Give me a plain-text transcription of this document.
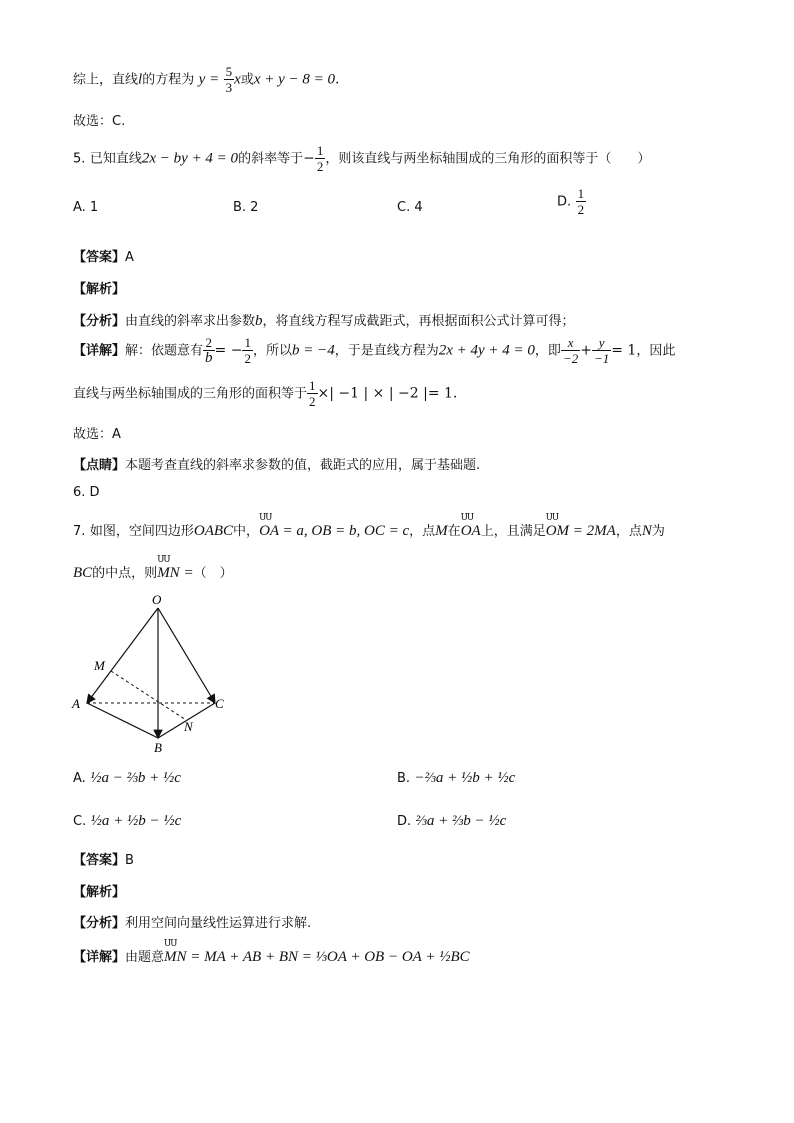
综上，直线l的方程为 $y = \frac{5}{3}$ x或x + y − 8 = 0.
故选：C.
5. 已知直线2x − by + 4 = 0的斜率等于− $\frac{1}{2}$ ，则该直线与两坐标轴围成的三角形的面积等于（　　）
A. 1	B. 2	C. 4	D. $\frac{1}{2}$
【答案】A
【解析】
【分析】由直线的斜率求出参数b，将直线方程写成截距式，再根据面积公式计算可得；
【详解】解：依题意有 $\frac{2}{b}$ = − $\frac{1}{2}$ ，所以b = −4，于是直线方程为2x + 4y + 4 = 0，即 $\frac{x}{-2} + \frac{y}{-1} = 1$，因此
直线与两坐标轴围成的三角形的面积等于 $\frac{1}{2}$ ×| −1 | × | −2 |= 1.
故选：A
【点睛】本题考查直线的斜率求参数的值，截距式的应用，属于基础题.
6. D
7. 如图，空间四边形OABC中，ՍՍ OA = a, OB = b, OC = c，点M在ՍՍ OA上，且满足ՍՍ OM = 2MA，点N为
BC的中点，则ՍՍ MN =（　）
O
M
A	C
N
B
A. ½a − ⅔b + ½c	B. −⅔a + ½b + ½c
C. ½a + ½b − ½c	D. ⅔a + ⅔b − ½c
【答案】B
【解析】
【分析】利用空间向量线性运算进行求解.
【详解】由题意ՍՍ MN = MA + AB + BN = ⅓OA + OB − OA + ½BC
